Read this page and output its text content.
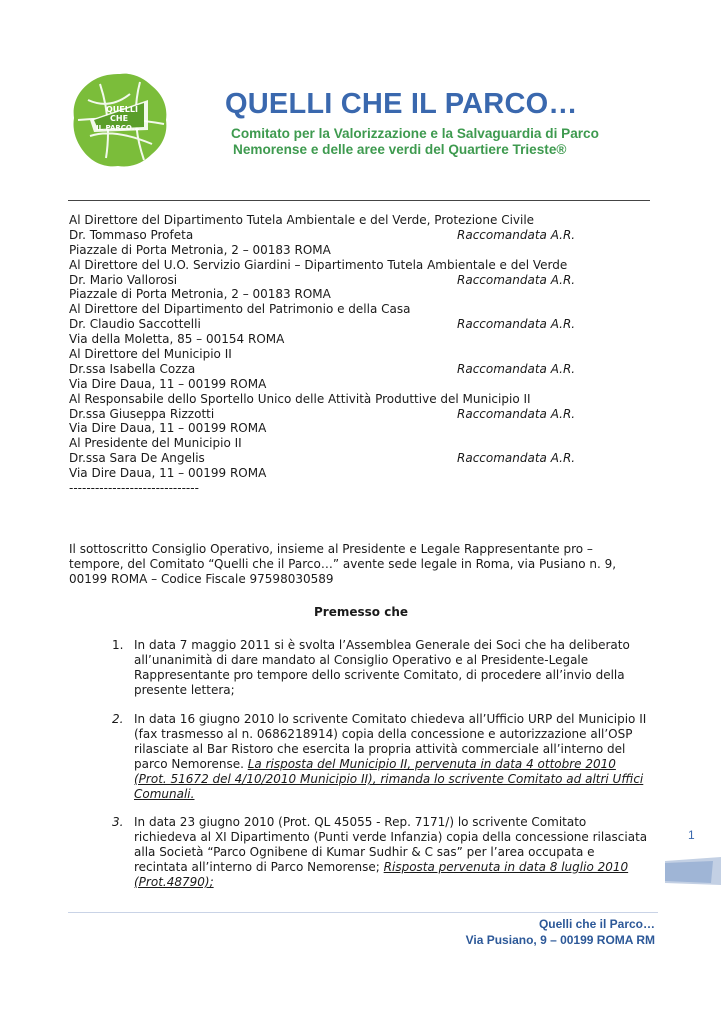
QUELLI
CHE
IL PARCO...
QUELLI CHE IL PARCO…
Comitato per la Valorizzazione e la Salvaguardia di Parco
Nemorense e delle aree verdi del Quartiere Trieste®
Al Direttore del Dipartimento Tutela Ambientale e del Verde, Protezione Civile
Dr. Tommaso Profeta	Raccomandata A.R.
Piazzale di Porta Metronia, 2 – 00183 ROMA
Al Direttore del U.O. Servizio Giardini – Dipartimento Tutela Ambientale e del Verde
Dr. Mario Vallorosi	Raccomandata A.R.
Piazzale di Porta Metronia, 2 – 00183 ROMA
Al Direttore del Dipartimento del Patrimonio e della Casa
Dr. Claudio Saccottelli	Raccomandata A.R.
Via della Moletta, 85 – 00154 ROMA
Al Direttore del Municipio II
Dr.ssa Isabella Cozza	Raccomandata A.R.
Via Dire Daua, 11 – 00199 ROMA
Al Responsabile dello Sportello Unico delle Attività Produttive del Municipio II
Dr.ssa Giuseppa Rizzotti	Raccomandata A.R.
Via Dire Daua, 11 – 00199 ROMA
Al Presidente del Municipio II
Dr.ssa Sara De Angelis	Raccomandata A.R.
Via Dire Daua, 11 – 00199 ROMA
------------------------------
Il sottoscritto Consiglio Operativo, insieme al Presidente e Legale Rappresentante pro – tempore, del Comitato “Quelli che il Parco…” avente sede legale in Roma, via Pusiano n. 9, 00199 ROMA – Codice Fiscale 97598030589
Premesso che
1. In data 7 maggio 2011 si è svolta l’Assemblea Generale dei Soci che ha deliberato all’unanimità di dare mandato al Consiglio Operativo e al Presidente-Legale Rappresentante pro tempore dello scrivente Comitato, di procedere all’invio della presente lettera;
2. In data 16 giugno 2010 lo scrivente Comitato chiedeva all’Ufficio URP del Municipio II (fax trasmesso al n. 0686218914) copia della concessione e autorizzazione all’OSP rilasciate al Bar Ristoro che esercita la propria attività commerciale all’interno del parco Nemorense. La risposta del Municipio II, pervenuta in data 4 ottobre 2010 (Prot. 51672 del 4/10/2010 Municipio II), rimanda lo scrivente Comitato ad altri Uffici Comunali.
3. In data 23 giugno 2010 (Prot. QL 45055 - Rep. 7171/) lo scrivente Comitato richiedeva al XI Dipartimento (Punti verde Infanzia) copia della concessione rilasciata alla Società “Parco Ognibene di Kumar Sudhir & C sas” per l’area occupata e recintata all’interno di Parco Nemorense; Risposta pervenuta in data 8 luglio 2010 (Prot.48790);
1
Quelli che il Parco…
Via Pusiano, 9 – 00199 ROMA RM
